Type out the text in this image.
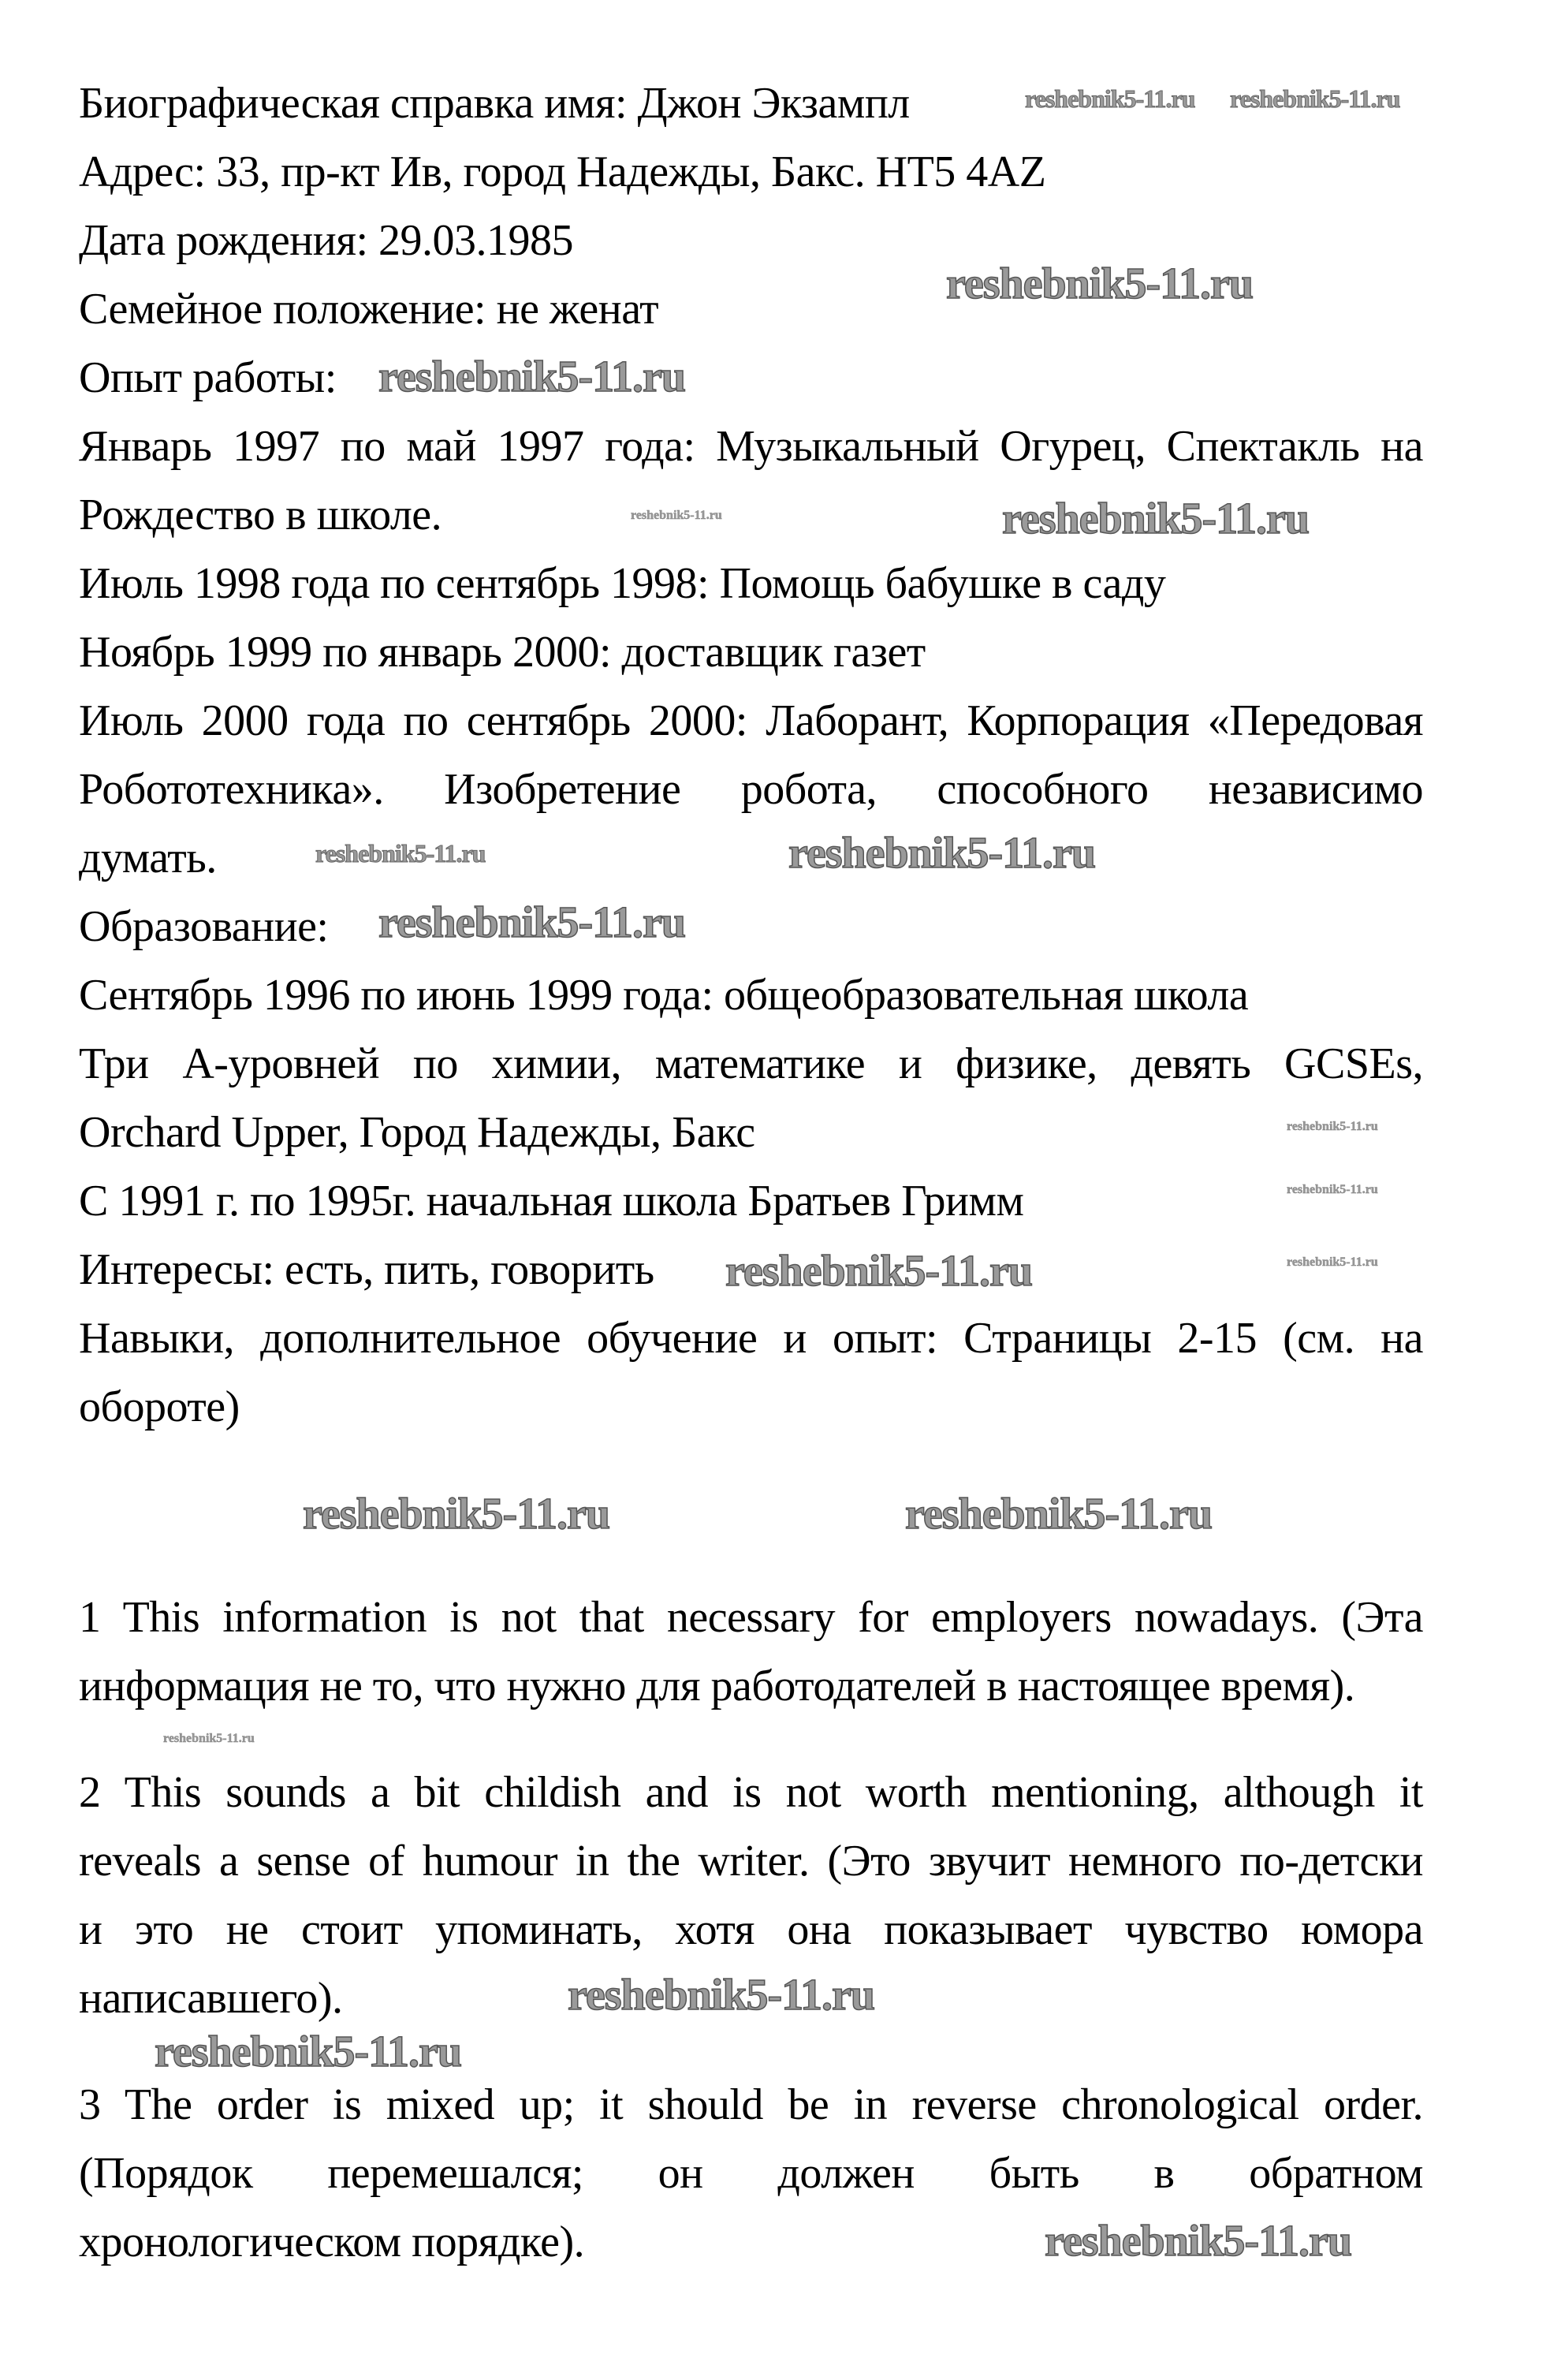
Биографическая справка имя: Джон Экзампл
Адрес: 33, пр-кт Ив, город Надежды, Бакс. HT5 4AZ
Дата рождения: 29.03.1985
Семейное положение: не женат
Опыт работы:
Январь 1997 по май 1997 года: Музыкальный Огурец, Спектакль на
Рождество в школе.
Июль 1998 года по сентябрь 1998: Помощь бабушке в саду
Ноябрь 1999 по январь 2000: доставщик газет
Июль 2000 года по сентябрь 2000: Лаборант, Корпорация «Передовая
Робототехника». Изобретение робота, способного независимо
думать.
Образование:
Сентябрь 1996 по июнь 1999 года: общеобразовательная школа
Три А-уровней по химии, математике и физике, девять GCSEs,
Orchard Upper, Город Надежды, Бакс
С 1991 г. по 1995г. начальная школа Братьев Гримм
Интересы: есть, пить, говорить
Навыки, дополнительное обучение и опыт: Страницы 2-15 (см. на
обороте)
1 This information is not that necessary for employers nowadays. (Эта
информация не то, что нужно для работодателей в настоящее время).
2 This sounds a bit childish and is not worth mentioning, although it
reveals a sense of humour in the writer. (Это звучит немного по-детски
и это не стоит упоминать, хотя она показывает чувство юмора
написавшего).
3 The order is mixed up; it should be in reverse chronological order.
(Порядок перемешался; он должен быть в обратном
хронологическом порядке).
reshebnik5-11.ru reshebnik5-11.ru
reshebnik5-11.ru
reshebnik5-11.ru
reshebnik5-11.ru
reshebnik5-11.ru
reshebnik5-11.ru
reshebnik5-11.ru
reshebnik5-11.ru
reshebnik5-11.ru
reshebnik5-11.ru
reshebnik5-11.ru	reshebnik5-11.ru
reshebnik5-11.ru	reshebnik5-11.ru
reshebnik5-11.ru
reshebnik5-11.ru
reshebnik5-11.ru
reshebnik5-11.ru
